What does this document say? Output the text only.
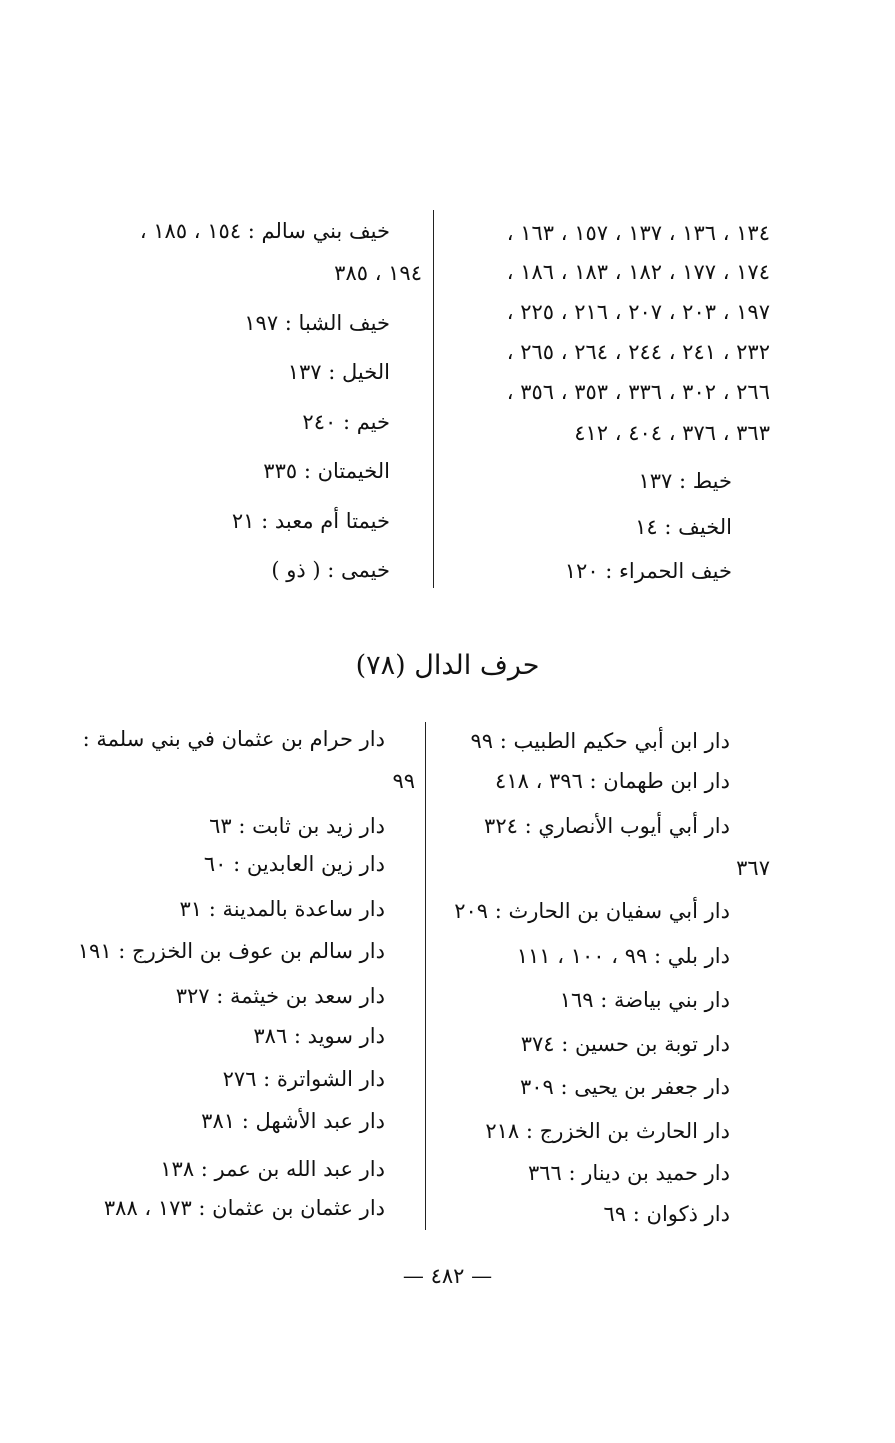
١٣٤ ، ١٣٦ ، ١٣٧ ، ١٥٧ ، ١٦٣ ،
١٧٤ ، ١٧٧ ، ١٨٢ ، ١٨٣ ، ١٨٦ ،
١٩٧ ، ٢٠٣ ، ٢٠٧ ، ٢١٦ ، ٢٢٥ ،
٢٣٢ ، ٢٤١ ، ٢٤٤ ، ٢٦٤ ، ٢٦٥ ،
٢٦٦ ، ٣٠٢ ، ٣٣٦ ، ٣٥٣ ، ٣٥٦ ،
٣٦٣ ، ٣٧٦ ، ٤٠٤ ، ٤١٢
خيط : ١٣٧
الخيف : ١٤
خيف الحمراء : ١٢٠
خيف بني سالم : ١٥٤ ، ١٨٥ ،
١٩٤ ، ٣٨٥
خيف الشبا : ١٩٧
الخيل : ١٣٧
خيم : ٢٤٠
الخيمتان : ٣٣٥
خيمتا أم معبد : ٢١
خيمى : ( ذو )
حرف الدال (٧٨)
دار ابن أبي حكيم الطبيب : ٩٩
دار ابن طهمان : ٣٩٦ ، ٤١٨
دار أبي أيوب الأنصاري : ٣٢٤
٣٦٧
دار أبي سفيان بن الحارث : ٢٠٩
دار بلي : ٩٩ ، ١٠٠ ، ١١١
دار بني بياضة : ١٦٩
دار توبة بن حسين : ٣٧٤
دار جعفر بن يحيى : ٣٠٩
دار الحارث بن الخزرج : ٢١٨
دار حميد بن دينار : ٣٦٦
دار ذكوان : ٦٩
دار حرام بن عثمان في بني سلمة :
٩٩
دار زيد بن ثابت : ٦٣
دار زين العابدين : ٦٠
دار ساعدة بالمدينة : ٣١
دار سالم بن عوف بن الخزرج : ١٩١
دار سعد بن خيثمة : ٣٢٧
دار سويد : ٣٨٦
دار الشواترة : ٢٧٦
دار عبد الأشهل : ٣٨١
دار عبد الله بن عمر : ١٣٨
دار عثمان بن عثمان : ١٧٣ ، ٣٨٨
— ٤٨٢ —
